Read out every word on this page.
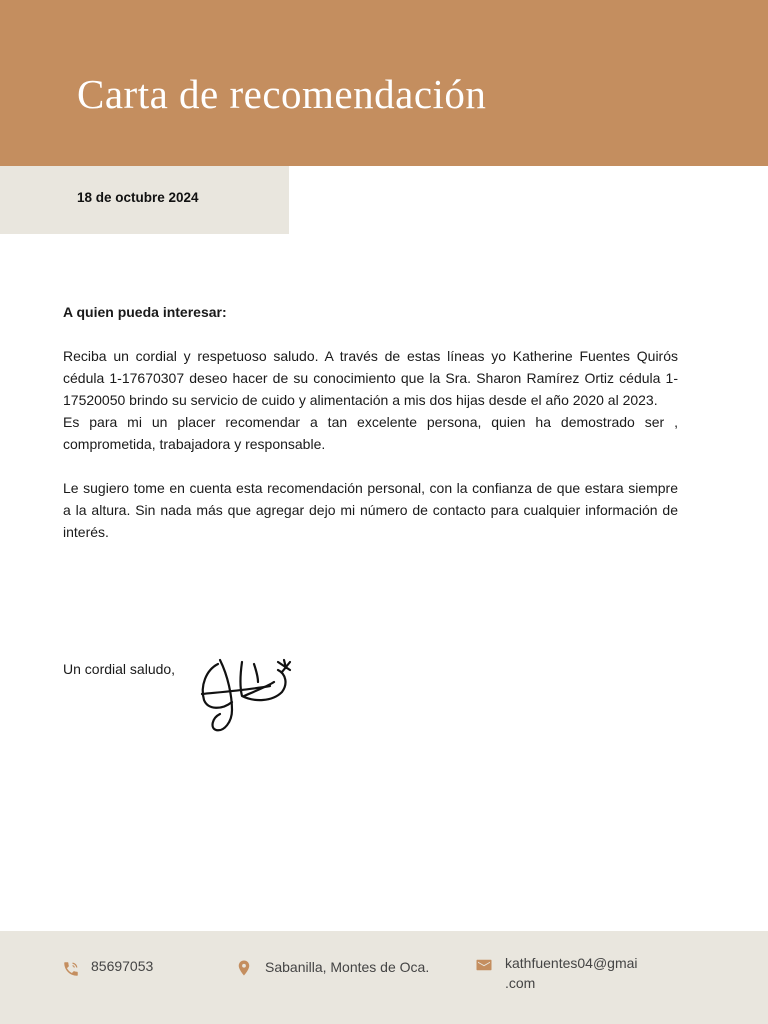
Carta de recomendación
18 de octubre 2024

A quien pueda interesar:

Reciba un cordial y respetuoso saludo. A través de estas líneas yo Katherine Fuentes Quirós cédula 1-17670307 deseo hacer de su conocimiento que la Sra. Sharon Ramírez Ortiz cédula 1-17520050 brindo su servicio de cuido y alimentación a mis dos hijas desde el año 2020 al 2023.

Es para mi un placer recomendar a tan excelente persona, quien ha demostrado ser , comprometida, trabajadora y responsable.

Le sugiero tome en cuenta esta recomendación personal, con la confianza de que estara siempre a la altura. Sin nada más que agregar dejo mi número de contacto para cualquier información de interés.

Un cordial saludo,
85697053	Sabanilla, Montes de Oca.	kathfuentes04@gmai
.com
